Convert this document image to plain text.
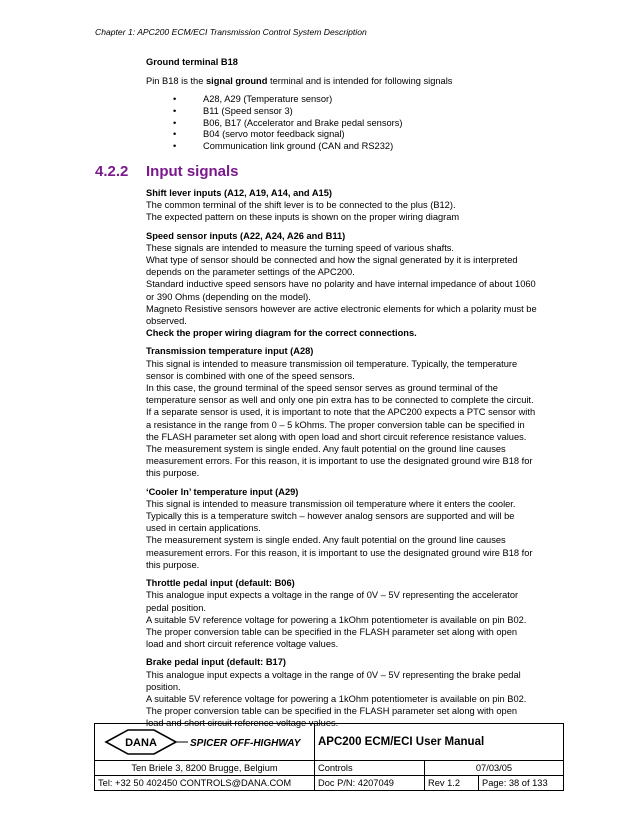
Chapter 1: APC200 ECM/ECI Transmission Control System Description
Ground terminal B18
Pin B18 is the signal ground terminal and is intended for following signals
• A28, A29 (Temperature sensor)
• B11 (Speed sensor 3)
• B06, B17 (Accelerator and Brake pedal sensors)
• B04 (servo motor feedback signal)
• Communication link ground (CAN and RS232)
4.2.2 Input signals
Shift lever inputs (A12, A19, A14, and A15)
The common terminal of the shift lever is to be connected to the plus (B12).
The expected pattern on these inputs is shown on the proper wiring diagram
Speed sensor inputs (A22, A24, A26 and B11)
These signals are intended to measure the turning speed of various shafts.
What type of sensor should be connected and how the signal generated by it is interpreted
depends on the parameter settings of the APC200.
Standard inductive speed sensors have no polarity and have internal impedance of about 1060
or 390 Ohms (depending on the model).
Magneto Resistive sensors however are active electronic elements for which a polarity must be
observed.
Check the proper wiring diagram for the correct connections.
Transmission temperature input (A28)
This signal is intended to measure transmission oil temperature. Typically, the temperature
sensor is combined with one of the speed sensors.
In this case, the ground terminal of the speed sensor serves as ground terminal of the
temperature sensor as well and only one pin extra has to be connected to complete the circuit.
If a separate sensor is used, it is important to note that the APC200 expects a PTC sensor with
a resistance in the range from 0 – 5 kOhms. The proper conversion table can be specified in
the FLASH parameter set along with open load and short circuit reference resistance values.
The measurement system is single ended. Any fault potential on the ground line causes
measurement errors. For this reason, it is important to use the designated ground wire B18 for
this purpose.
‘Cooler In’ temperature input (A29)
This signal is intended to measure transmission oil temperature where it enters the cooler.
Typically this is a temperature switch – however analog sensors are supported and will be
used in certain applications.
The measurement system is single ended. Any fault potential on the ground line causes
measurement errors. For this reason, it is important to use the designated ground wire B18 for
this purpose.
Throttle pedal input (default: B06)
This analogue input expects a voltage in the range of 0V – 5V representing the accelerator
pedal position.
A suitable 5V reference voltage for powering a 1kOhm potentiometer is available on pin B02.
The proper conversion table can be specified in the FLASH parameter set along with open
load and short circuit reference voltage values.
Brake pedal input (default: B17)
This analogue input expects a voltage in the range of 0V – 5V representing the brake pedal
position.
A suitable 5V reference voltage for powering a 1kOhm potentiometer is available on pin B02.
The proper conversion table can be specified in the FLASH parameter set along with open
load and short circuit reference voltage values.
DANA SPICER OFF-HIGHWAY	APC200 ECM/ECI User Manual		
Ten Briele 3, 8200 Brugge, Belgium	Controls	07/03/05	
Tel: +32 50 402450 CONTROLS@DANA.COM	Doc P/N: 4207049	Rev 1.2	Page: 38 of 133
